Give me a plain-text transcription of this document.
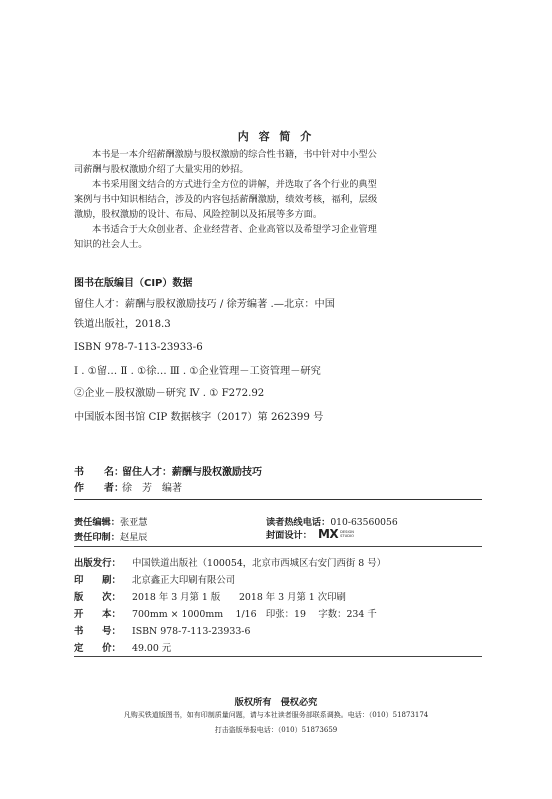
内 容 简 介
本书是一本介绍薪酬激励与股权激励的综合性书籍，书中针对中小型公
司薪酬与股权激励介绍了大量实用的妙招。
本书采用图文结合的方式进行全方位的讲解，并选取了各个行业的典型
案例与书中知识相结合，涉及的内容包括薪酬激励，绩效考核，福利，层级
激励，股权激励的设计、布局、风险控制以及拓展等多方面。
本书适合于大众创业者、企业经营者、企业高管以及希望学习企业管理
知识的社会人士。
图书在版编目（CIP）数据
留住人才：薪酬与股权激励技巧 / 徐芳编著 .—北京：中国
铁道出版社，2018.3
ISBN 978-7-113-23933-6
Ⅰ . ①留… Ⅱ . ①徐… Ⅲ . ①企业管理－工资管理－研究
②企业－股权激励－研究 Ⅳ . ① F272.92
中国版本图书馆 CIP 数据核字（2017）第 262399 号
书　　名：留住人才：薪酬与股权激励技巧
作　　者：徐　芳　编著
责任编辑：张亚慧	读者热线电话：010-63560056
责任印制：赵星辰	封面设计： MX DESIGN
STUDIO
出版发行： 中国铁道出版社（100054，北京市西城区右安门西街 8 号）
印　　刷： 北京鑫正大印刷有限公司
版　　次： 2018 年 3 月第 1 版　　2018 年 3 月第 1 次印刷
开　　本： 700mm × 1000mm　 1/16　印张：19　 字数：234 千
书　　号： ISBN 978-7-113-23933-6
定　　价： 49.00 元
版权所有　侵权必究
凡购买铁道版图书，如有印制质量问题，请与本社读者服务部联系调换。电话：（010）51873174
打击盗版举报电话：（010）51873659
